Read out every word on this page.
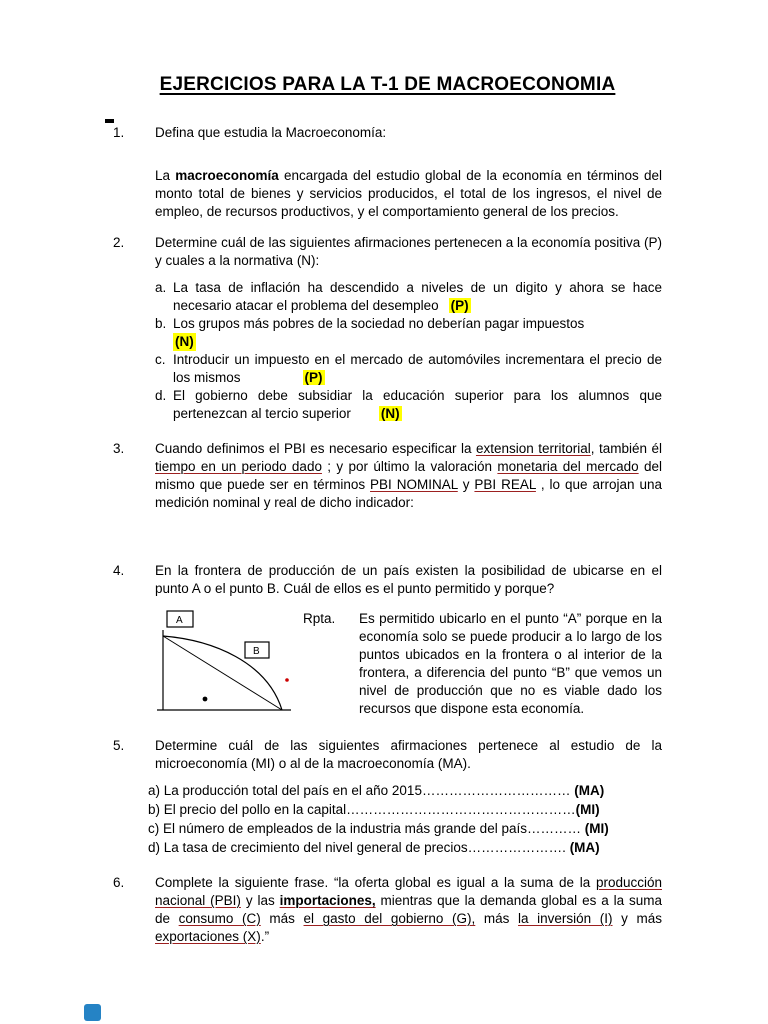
EJERCICIOS PARA LA T-1 DE MACROECONOMIA
1.	Defina que estudia la Macroeconomía:
La macroeconomía encargada del estudio global de la economía en términos del monto total de bienes y servicios producidos, el total de los ingresos, el nivel de empleo, de recursos productivos, y el comportamiento general de los precios.
2.	Determine cuál de las siguientes afirmaciones pertenecen a la economía positiva (P) y cuales a la normativa (N):
a. La tasa de inflación ha descendido a niveles de un digito y ahora se hace necesario atacar el problema del desempleo (P)
b. Los grupos más pobres de la sociedad no deberían pagar impuestos
(N)
c. Introducir un impuesto en el mercado de automóviles incrementara el precio de los mismos	(P)
d. El gobierno debe subsidiar la educación superior para los alumnos que pertenezcan al tercio superior (N)
3.	Cuando definimos el PBI es necesario especificar la extension territorial, también él tiempo en un periodo dado ; y por último la valoración monetaria del mercado del mismo que puede ser en términos PBI NOMINAL y PBI REAL , lo que arrojan una medición nominal y real de dicho indicador:
4.	En la frontera de producción de un país existen la posibilidad de ubicarse en el punto A o el punto B. Cuál de ellos es el punto permitido y porque?
A
B
Rpta.	Es permitido ubicarlo en el punto “A” porque en la economía solo se puede producir a lo largo de los puntos ubicados en la frontera o al interior de la frontera, a diferencia del punto “B” que vemos un nivel de producción que no es viable dado los recursos que dispone esta economía.
5.	Determine cuál de las siguientes afirmaciones pertenece al estudio de la microeconomía (MI) o al de la macroeconomía (MA).
a) La producción total del país en el año 2015…………………………… (MA)
b) El precio del pollo en la capital……………………………………………(MI)
c) El número de empleados de la industria más grande del país………… (MI)
d) La tasa de crecimiento del nivel general de precios…………………. (MA)
6.	Complete la siguiente frase. “la oferta global es igual a la suma de la producción nacional (PBI) y las importaciones, mientras que la demanda global es a la suma de consumo (C) más el gasto del gobierno (G), más la inversión (I) y más exportaciones (X).”
